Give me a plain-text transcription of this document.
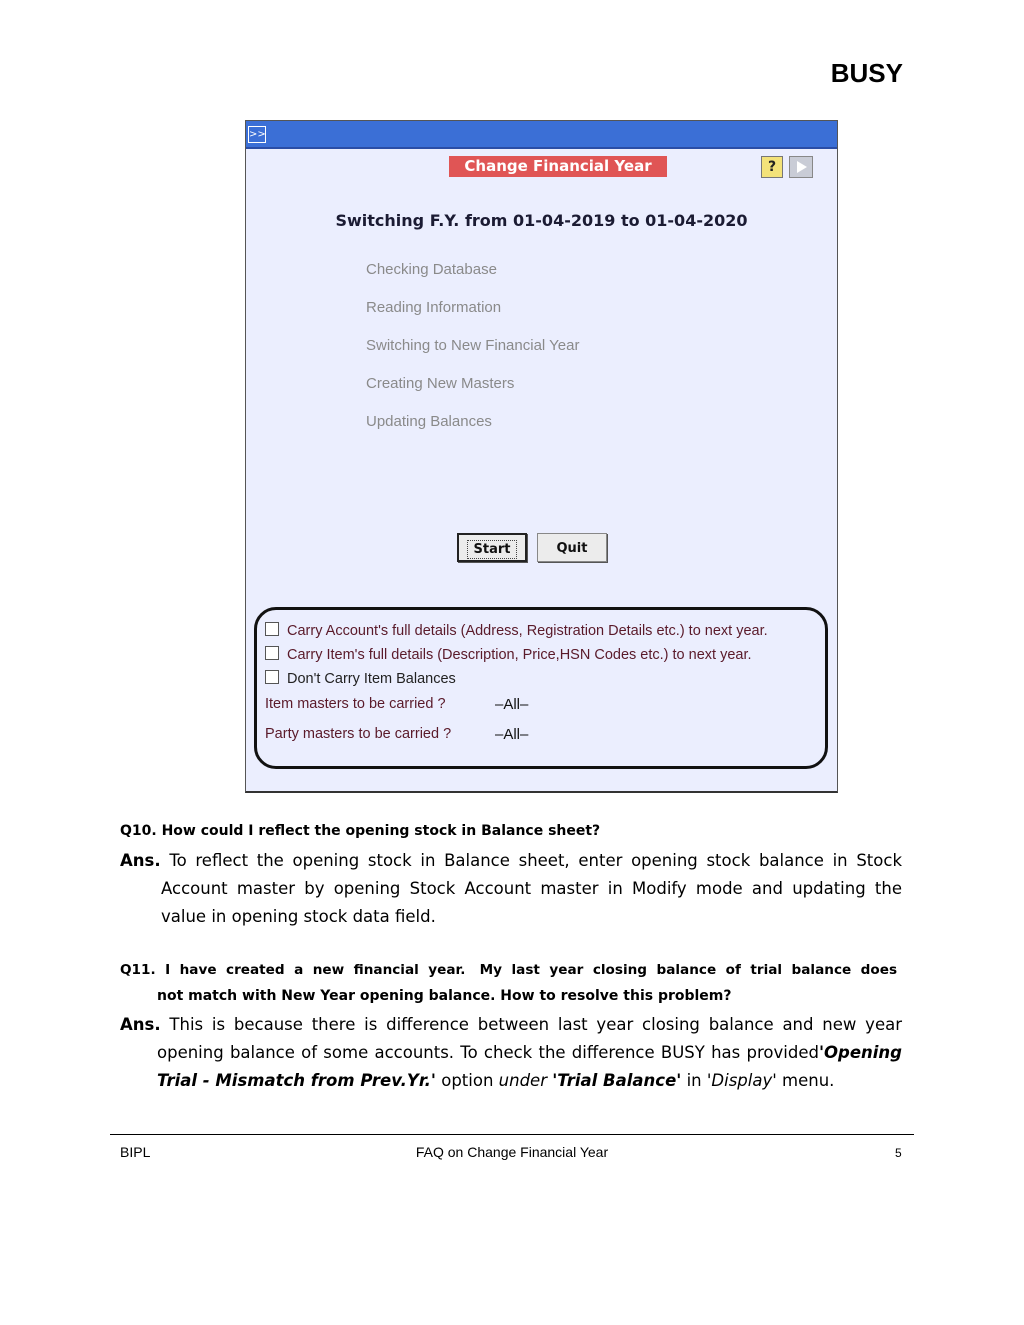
BUSY
>>
Change Financial Year	?
Switching F.Y. from 01-04-2019 to 01-04-2020
Checking Database
Reading Information
Switching to New Financial Year
Creating New Masters
Updating Balances
Start	Quit
Carry Account's full details (Address, Registration Details etc.) to next year.
Carry Item's full details (Description, Price,HSN Codes etc.) to next year.
Don't Carry Item Balances
Item masters to be carried ?	–All–
Party masters to be carried ?	–All–
Q10. How could I reflect the opening stock in Balance sheet?
Ans. To reflect the opening stock in Balance sheet, enter opening stock balance in Stock Account master by opening Stock Account master in Modify mode and updating the value in opening stock data field.
Q11.  I  have  created  a  new  financial  year.   My  last  year  closing  balance  of  trial  balance  does
not match with New Year opening balance. How to resolve this problem?
Ans. This is because there is difference between last year closing balance and new year opening balance of some accounts. To check the difference BUSY has provided'Opening Trial - Mismatch from Prev.Yr.' option under 'Trial Balance' in 'Display' menu.
BIPL	FAQ on Change Financial Year	5
